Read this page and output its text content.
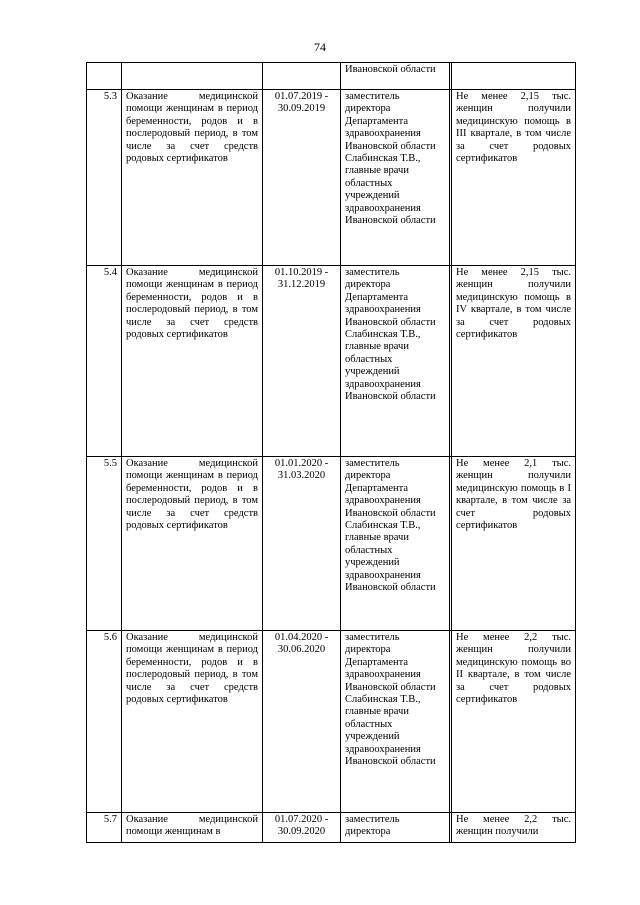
74

			Ивановской области		

5.3	Оказание медицинской помощи женщинам в период беременности, родов и в послеродовый период, в том числе за счет средств родовых сертификатов	01.07.2019 - 30.09.2019	заместитель директора Департамента здравоохранения Ивановской области Слабинская Т.В., главные врачи областных учреждений здравоохранения Ивановской области		Не менее 2,15 тыс. женщин получили медицинскую помощь в III квартале, в том числе за счет родовых сертификатов

5.4	Оказание медицинской помощи женщинам в период беременности, родов и в послеродовый период, в том числе за счет средств родовых сертификатов	01.10.2019 - 31.12.2019	заместитель директора Департамента здравоохранения Ивановской области Слабинская Т.В., главные врачи областных учреждений здравоохранения Ивановской области		Не менее 2,15 тыс. женщин получили медицинскую помощь в IV квартале, в том числе за счет родовых сертификатов

5.5	Оказание медицинской помощи женщинам в период беременности, родов и в послеродовый период, в том числе за счет средств родовых сертификатов	01.01.2020 - 31.03.2020	заместитель директора Департамента здравоохранения Ивановской области Слабинская Т.В., главные врачи областных учреждений здравоохранения Ивановской области		Не менее 2,1 тыс. женщин получили медицинскую помощь в I квартале, в том числе за счет родовых сертификатов

5.6	Оказание медицинской помощи женщинам в период беременности, родов и в послеродовый период, в том числе за счет средств родовых сертификатов	01.04.2020 - 30.06.2020	заместитель директора Департамента здравоохранения Ивановской области Слабинская Т.В., главные врачи областных учреждений здравоохранения Ивановской области		Не менее 2,2 тыс. женщин получили медицинскую помощь во II квартале, в том числе за счет родовых сертификатов

5.7	Оказание медицинской помощи женщинам в	01.07.2020 - 30.09.2020	заместитель директора		Не менее 2,2 тыс. женщин получили
